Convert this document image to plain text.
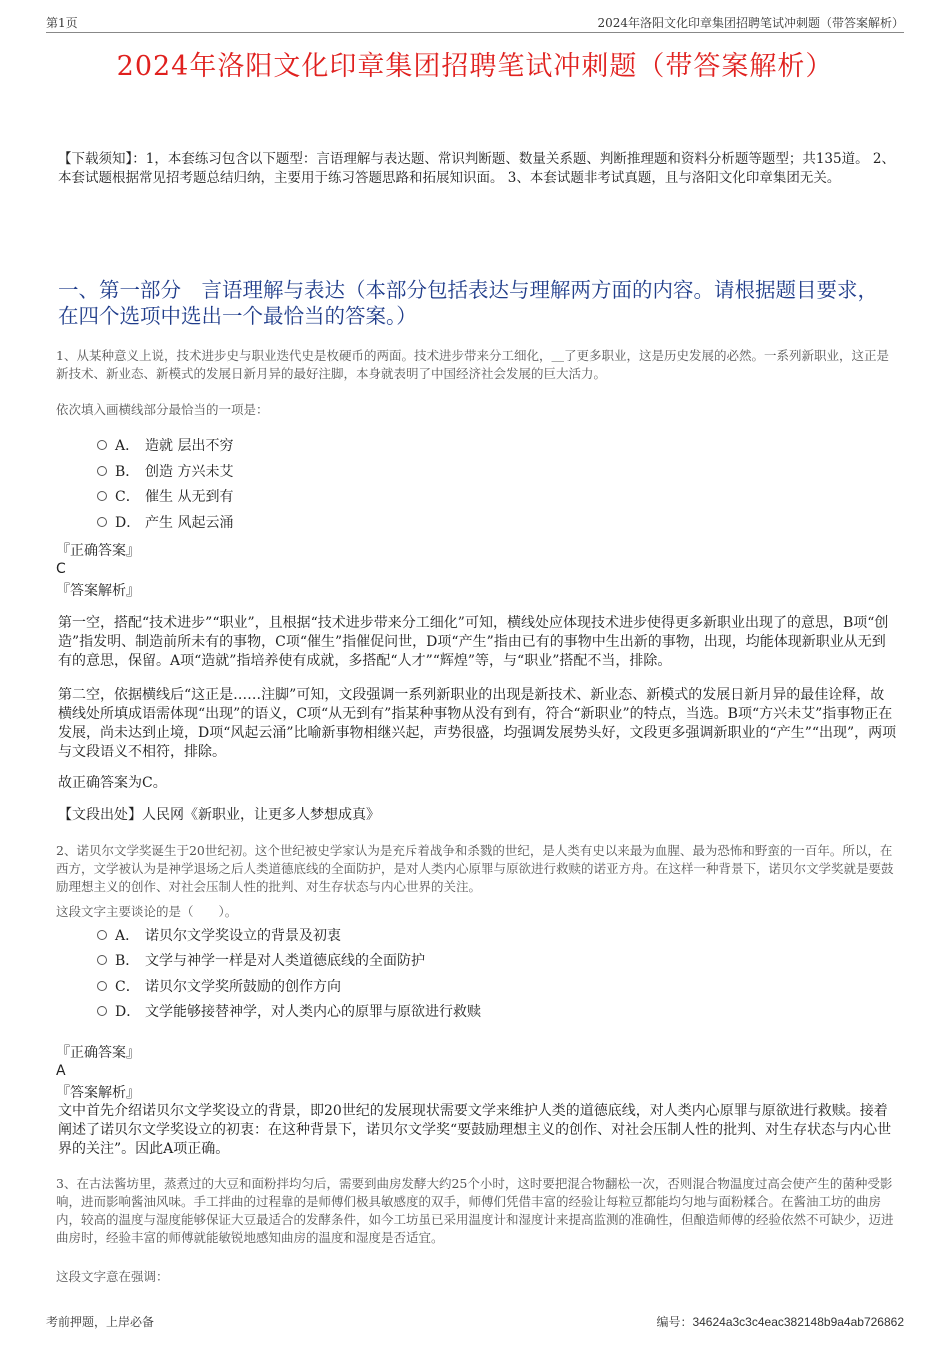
第1页	2024年洛阳文化印章集团招聘笔试冲刺题（带答案解析）
2024年洛阳文化印章集团招聘笔试冲刺题（带答案解析）
【下载须知】：1，本套练习包含以下题型：言语理解与表达题、常识判断题、数量关系题、判断推理题和资料分析题等题型；共135道。 2、本套试题根据常见招考题总结归纳，主要用于练习答题思路和拓展知识面。 3、本套试题非考试真题，且与洛阳文化印章集团无关。
一、第一部分　言语理解与表达（本部分包括表达与理解两方面的内容。请根据题目要求，在四个选项中选出一个最恰当的答案。）
1、从某种意义上说，技术进步史与职业迭代史是枚硬币的两面。技术进步带来分工细化，＿了更多职业，这是历史发展的必然。一系列新职业，这正是新技术、新业态、新模式的发展日新月异的最好注脚，本身就表明了中国经济社会发展的巨大活力。
依次填入画横线部分最恰当的一项是：
A． 造就 层出不穷
B． 创造 方兴未艾
C． 催生 从无到有
D． 产生 风起云涌
『正确答案』
C
『答案解析』
第一空，搭配“技术进步”“职业”，且根据“技术进步带来分工细化”可知，横线处应体现技术进步使得更多新职业出现了的意思，B项“创造”指发明、制造前所未有的事物，C项“催生”指催促问世，D项“产生”指由已有的事物中生出新的事物，出现，均能体现新职业从无到有的意思，保留。A项“造就”指培养使有成就，多搭配“人才”“辉煌”等，与“职业”搭配不当，排除。
第二空，依据横线后“这正是……注脚”可知，文段强调一系列新职业的出现是新技术、新业态、新模式的发展日新月异的最佳诠释，故横线处所填成语需体现“出现”的语义，C项“从无到有”指某种事物从没有到有，符合“新职业”的特点，当选。B项“方兴未艾”指事物正在发展，尚未达到止境，D项“风起云涌”比喻新事物相继兴起，声势很盛，均强调发展势头好，文段更多强调新职业的“产生”“出现”，两项与文段语义不相符，排除。
故正确答案为C。
【文段出处】人民网《新职业，让更多人梦想成真》
2、诺贝尔文学奖诞生于20世纪初。这个世纪被史学家认为是充斥着战争和杀戮的世纪，是人类有史以来最为血腥、最为恐怖和野蛮的一百年。所以，在西方，文学被认为是神学退场之后人类道德底线的全面防护，是对人类内心原罪与原欲进行救赎的诺亚方舟。在这样一种背景下，诺贝尔文学奖就是要鼓励理想主义的创作、对社会压制人性的批判、对生存状态与内心世界的关注。
这段文字主要谈论的是（　　）。
A． 诺贝尔文学奖设立的背景及初衷
B． 文学与神学一样是对人类道德底线的全面防护
C． 诺贝尔文学奖所鼓励的创作方向
D． 文学能够接替神学，对人类内心的原罪与原欲进行救赎
『正确答案』
A
『答案解析』
文中首先介绍诺贝尔文学奖设立的背景，即20世纪的发展现状需要文学来维护人类的道德底线，对人类内心原罪与原欲进行救赎。接着阐述了诺贝尔文学奖设立的初衷：在这种背景下，诺贝尔文学奖“要鼓励理想主义的创作、对社会压制人性的批判、对生存状态与内心世界的关注”。因此A项正确。
3、在古法酱坊里，蒸煮过的大豆和面粉拌均匀后，需要到曲房发酵大约25个小时，这时要把混合物翻松一次，否则混合物温度过高会使产生的菌种受影响，进而影响酱油风味。手工拌曲的过程靠的是师傅们极具敏感度的双手，师傅们凭借丰富的经验让每粒豆都能均匀地与面粉糅合。在酱油工坊的曲房内，较高的温度与湿度能够保证大豆最适合的发酵条件，如今工坊虽已采用温度计和湿度计来提高监测的准确性，但酿造师傅的经验依然不可缺少，迈进曲房时，经验丰富的师傅就能敏锐地感知曲房的温度和湿度是否适宜。
这段文字意在强调：
考前押题，上岸必备	编号：34624a3c3c4eac382148b9a4ab726862
